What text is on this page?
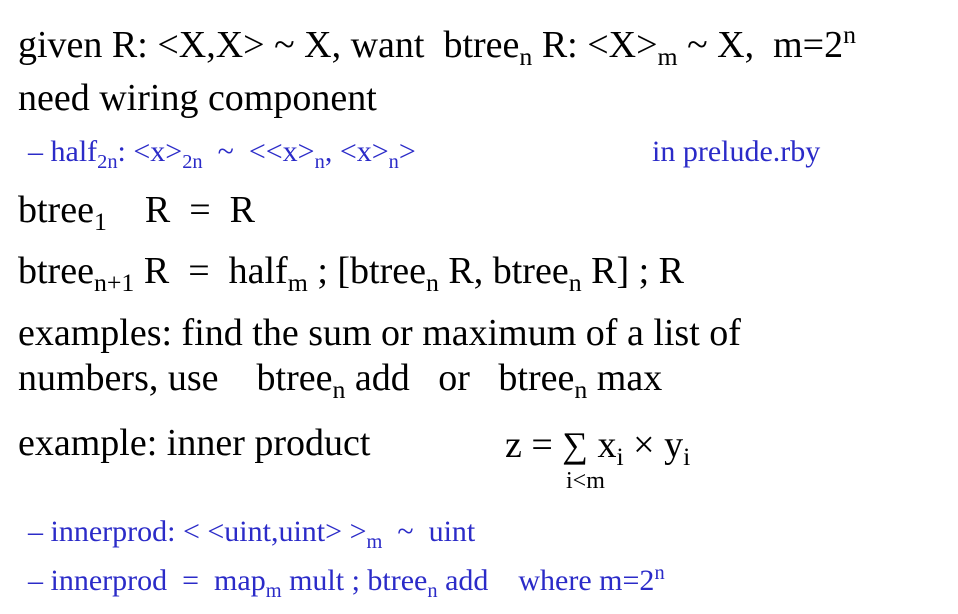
given R: <X,X> ~ X, want  btree$_n$ R: $<X>_m$ ~ X,  $m=2^n$
need wiring component
– half$_{2n}$: $<x>_{2n}$  ~  $<<x>_n$, $<x>_n>$	in prelude.rby
btree$_1$    R  =  R
btree$_{n+1}$ R  =  half$_m$ ; [btree$_n$ R, btree$_n$ R] ; R
examples: find the sum or maximum of a list of
numbers, use    btree$_n$ add   or   btree$_n$ max
example: inner product	z = ∑ $x_i \times y_i$
i<m
– innerprod: < <uint,uint> $>_m$  ~  uint
– innerprod  =  map$_m$ mult ; btree$_n$ add    where $m=2^n$
